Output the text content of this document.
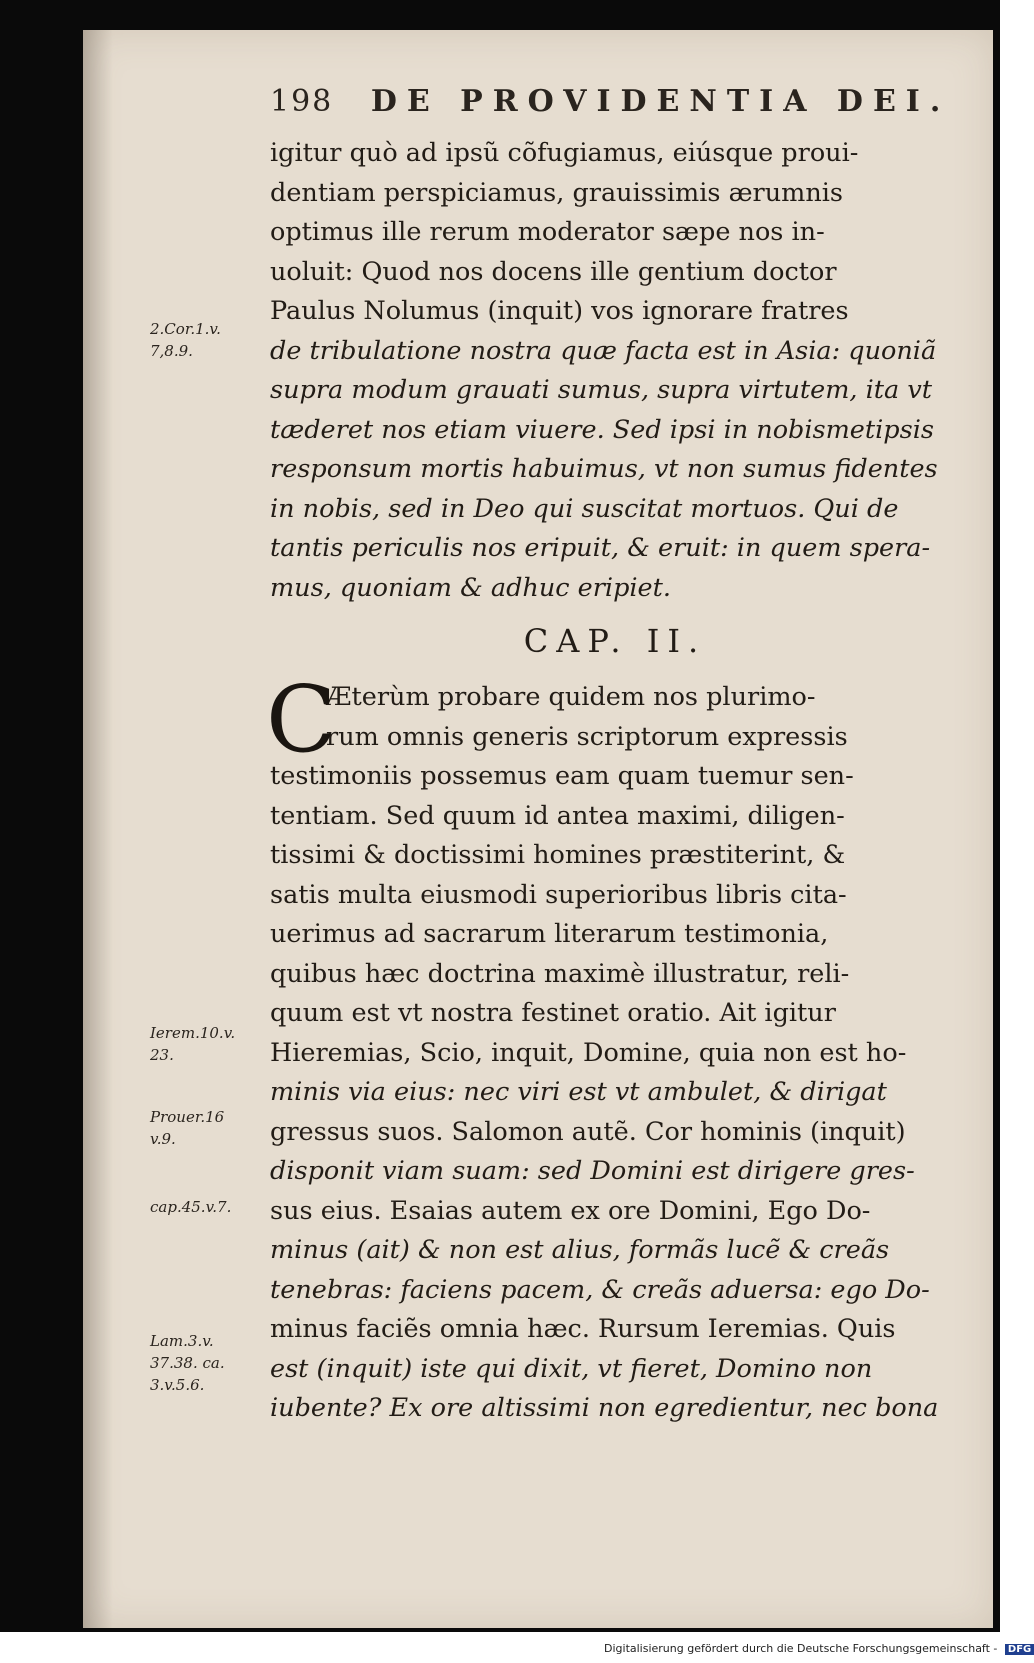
198 DE PROVIDENTIA DEI.
igitur quò ad ipsũ cõfugiamus, eiúsque proui-
dentiam perspiciamus, grauissimis ærumnis
optimus ille rerum moderator sæpe nos in-
uoluit: Quod nos docens ille gentium doctor
Paulus Nolumus (inquit) vos ignorare fratres
de tribulatione nostra quæ facta est in Asia: quoniã
supra modum grauati sumus, supra virtutem, ita vt
tæderet nos etiam viuere. Sed ipsi in nobismetipsis
responsum mortis habuimus, vt non sumus fidentes
in nobis, sed in Deo qui suscitat mortuos. Qui de
tantis periculis nos eripuit, & eruit: in quem spera-
mus, quoniam & adhuc eripiet.
CAP. II.
C
Æterùm probare quidem nos plurimo-
rum omnis generis scriptorum expressis
testimoniis possemus eam quam tuemur sen-
tentiam. Sed quum id antea maximi, diligen-
tissimi & doctissimi homines præstiterint, &
satis multa eiusmodi superioribus libris cita-
uerimus ad sacrarum literarum testimonia,
quibus hæc doctrina maximè illustratur, reli-
quum est vt nostra festinet oratio. Ait igitur
Hieremias, Scio, inquit, Domine, quia non est ho-
minis via eius: nec viri est vt ambulet, & dirigat
gressus suos. Salomon autẽ. Cor hominis (inquit)
disponit viam suam: sed Domini est dirigere gres-
sus eius. Esaias autem ex ore Domini, Ego Do-
minus (ait) & non est alius, formãs lucẽ & creãs
tenebras: faciens pacem, & creãs aduersa: ego Do-
minus faciẽs omnia hæc. Rursum Ieremias. Quis
est (inquit) iste qui dixit, vt fieret, Domino non
iubente? Ex ore altissimi non egredientur, nec bona
2.Cor.1.v.
7,8.9.
Ierem.10.v.
23.
Prouer.16
v.9.
cap.45.v.7.
Lam.3.v.
37.38. ca.
3.v.5.6.
Digitalisierung gefördert durch die Deutsche Forschungsgemeinschaft - DFG
